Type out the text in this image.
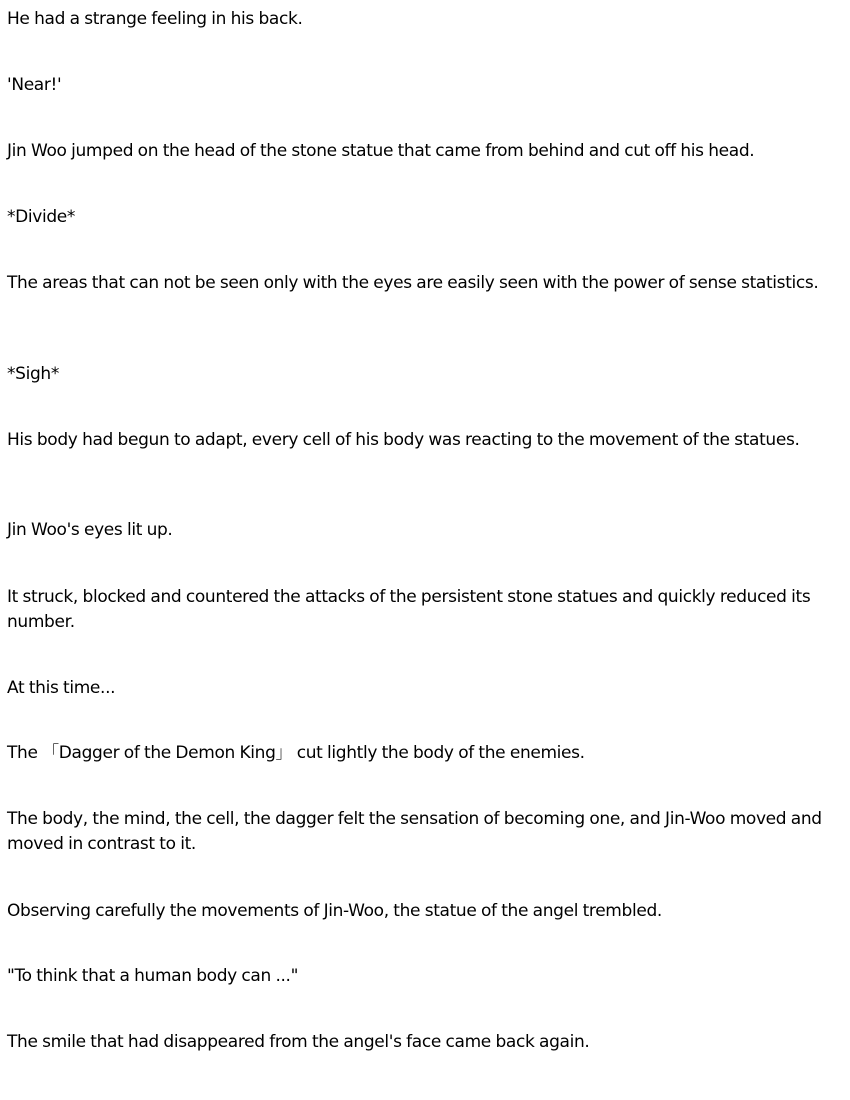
He had a strange feeling in his back.

'Near!'

Jin Woo jumped on the head of the stone statue that came from behind and cut off his head.

*Divide*

The areas that can not be seen only with the eyes are easily seen with the power of sense statistics.

*Sigh*

His body had begun to adapt, every cell of his body was reacting to the movement of the statues.

Jin Woo's eyes lit up.

It struck, blocked and countered the attacks of the persistent stone statues and quickly reduced its number.

At this time...

The 「Dagger of the Demon King」 cut lightly the body of the enemies.

The body, the mind, the cell, the dagger felt the sensation of becoming one, and Jin-Woo moved and moved in contrast to it.

Observing carefully the movements of Jin-Woo, the statue of the angel trembled.

"To think that a human body can ..."

The smile that had disappeared from the angel's face came back again.
